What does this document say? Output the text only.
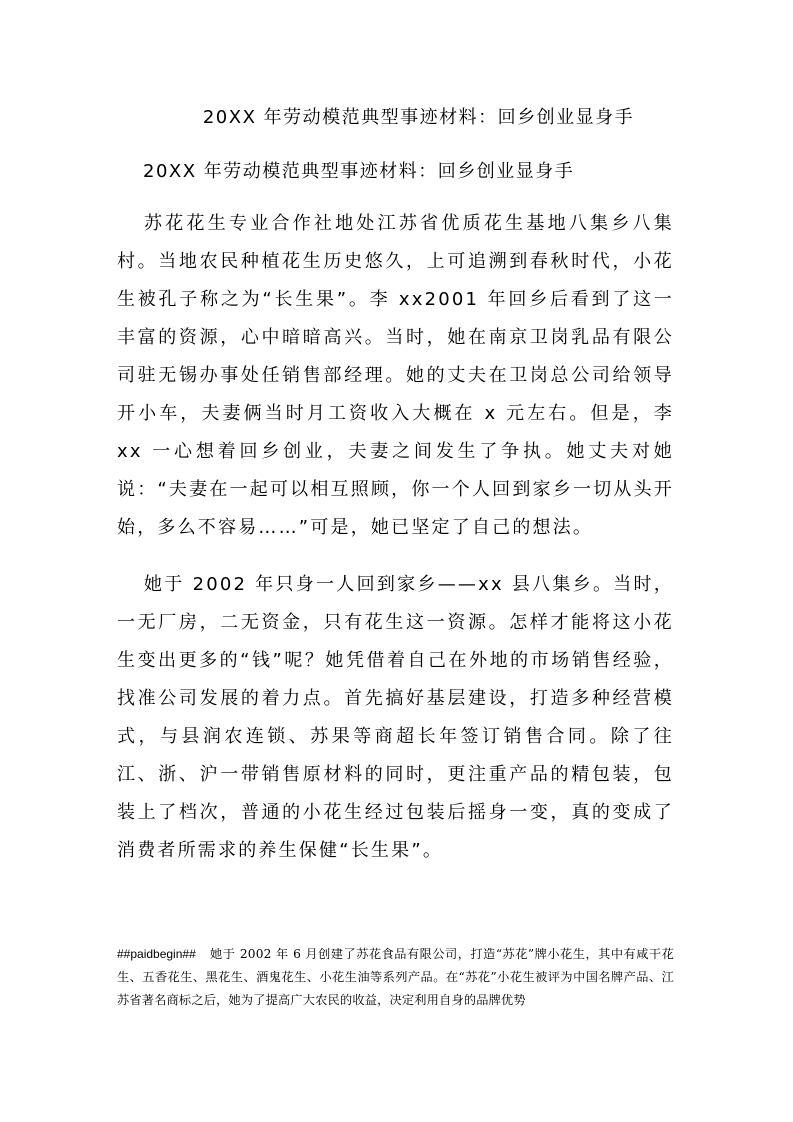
20XX 年劳动模范典型事迹材料：回乡创业显身手
20XX 年劳动模范典型事迹材料：回乡创业显身手

苏花花生专业合作社地处江苏省优质花生基地八集乡八集村。当地农民种植花生历史悠久，上可追溯到春秋时代，小花生被孔子称之为“长生果”。李 xx2001 年回乡后看到了这一丰富的资源，心中暗暗高兴。当时，她在南京卫岗乳品有限公司驻无锡办事处任销售部经理。她的丈夫在卫岗总公司给领导开小车，夫妻俩当时月工资收入大概在 x 元左右。但是，李 xx 一心想着回乡创业，夫妻之间发生了争执。她丈夫对她说：“夫妻在一起可以相互照顾，你一个人回到家乡一切从头开始，多么不容易……”可是，她已坚定了自己的想法。

她于 2002 年只身一人回到家乡——xx 县八集乡。当时，一无厂房，二无资金，只有花生这一资源。怎样才能将这小花生变出更多的“钱”呢？她凭借着自己在外地的市场销售经验，找准公司发展的着力点。首先搞好基层建设，打造多种经营模式，与县润农连锁、苏果等商超长年签订销售合同。除了往江、浙、沪一带销售原材料的同时，更注重产品的精包装，包装上了档次，普通的小花生经过包装后摇身一变，真的变成了消费者所需求的养生保健“长生果”。

##paidbegin## 她于 2002 年 6 月创建了苏花食品有限公司，打造“苏花”牌小花生，其中有咸干花生、五香花生、黑花生、酒鬼花生、小花生油等系列产品。在“苏花”小花生被评为中国名牌产品、江苏省著名商标之后，她为了提高广大农民的收益，决定利用自身的品牌优势
